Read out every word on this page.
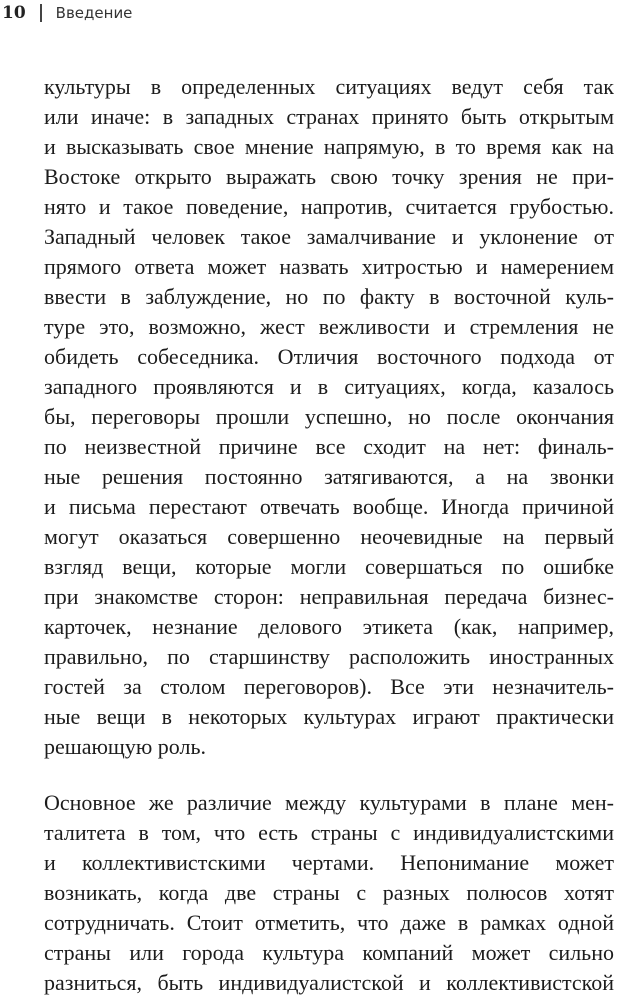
10 Введение
культуры в определенных ситуациях ведут себя так
или иначе: в западных странах принято быть открытым
и высказывать свое мнение напрямую, в то время как на
Востоке открыто выражать свою точку зрения не при-
нято и такое поведение, напротив, считается грубостью.
Западный человек такое замалчивание и уклонение от
прямого ответа может назвать хитростью и намерением
ввести в заблуждение, но по факту в восточной куль-
туре это, возможно, жест вежливости и стремления не
обидеть собеседника. Отличия восточного подхода от
западного проявляются и в ситуациях, когда, казалось
бы, переговоры прошли успешно, но после окончания
по неизвестной причине все сходит на нет: финаль-
ные решения постоянно затягиваются, а на звонки
и письма перестают отвечать вообще. Иногда причиной
могут оказаться совершенно неочевидные на первый
взгляд вещи, которые могли совершаться по ошибке
при знакомстве сторон: неправильная передача бизнес-
карточек, незнание делового этикета (как, например,
правильно, по старшинству расположить иностранных
гостей за столом переговоров). Все эти незначитель-
ные вещи в некоторых культурах играют практически
решающую роль.
Основное же различие между культурами в плане мен-
талитета в том, что есть страны с индивидуалистскими
и коллективистскими чертами. Непонимание может
возникать, когда две страны с разных полюсов хотят
сотрудничать. Стоит отметить, что даже в рамках одной
страны или города культура компаний может сильно
разниться, быть индивидуалистской и коллективистской
